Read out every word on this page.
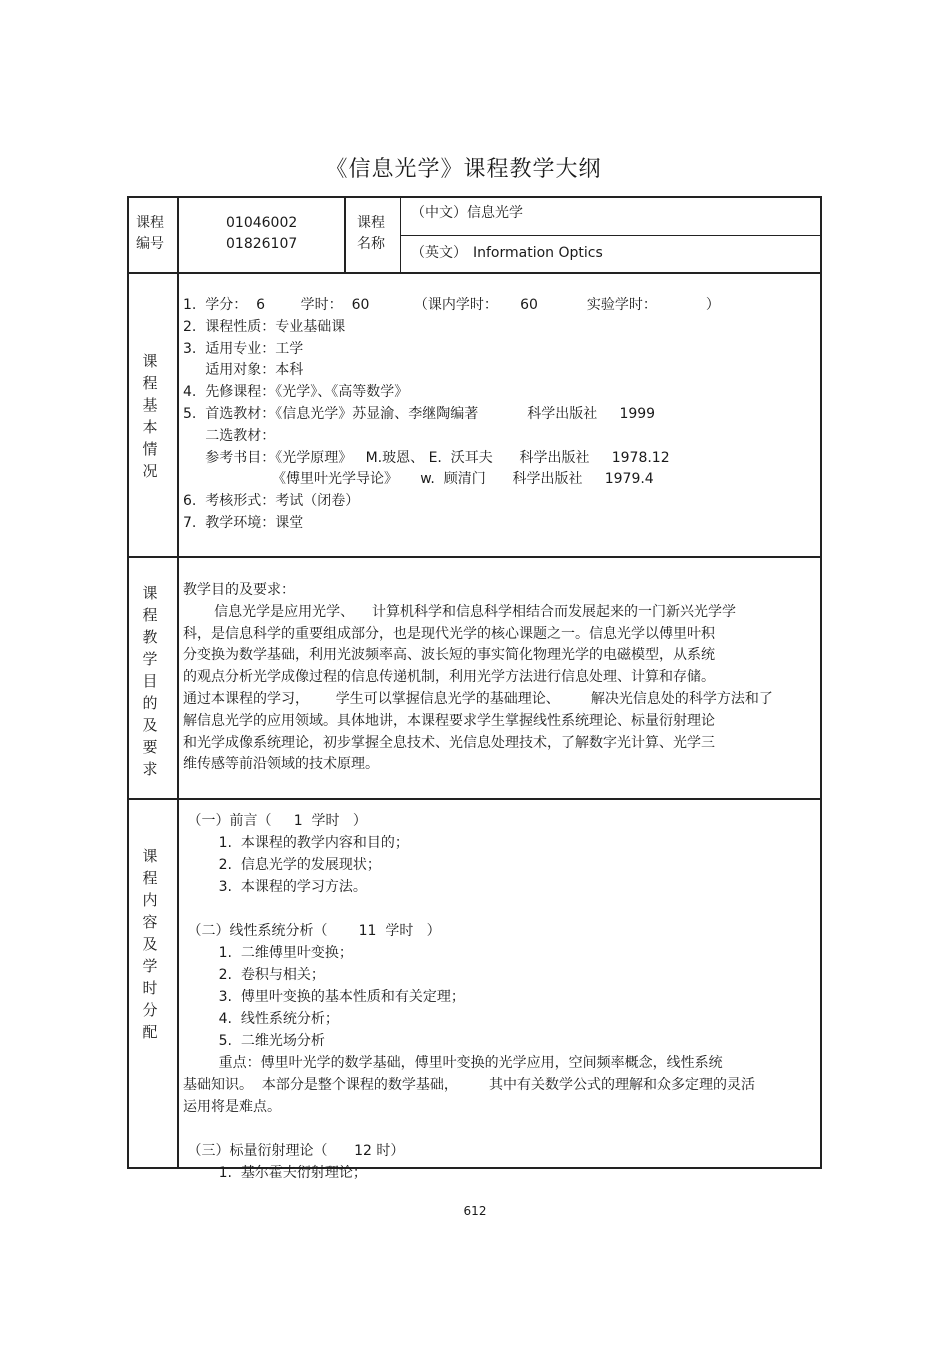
《信息光学》课程教学大纲
课程
编号
01046002
01826107
课程
名称
（中文）信息光学
（英文） Information Optics
课程基本情况
1.  学分：  6        学时：  60          （课内学时：     60           实验学时：           ）
2.  课程性质：专业基础课
3.  适用专业：工学
适用对象：本科
4.  先修课程：《光学》、《高等数学》
5.  首选教材：《信息光学》苏显渝、李继陶编著           科学出版社     1999
二选教材：
参考书目：《光学原理》   M.玻恩、 E.  沃耳夫      科学出版社     1978.12
《傅里叶光学导论》     w.  顾清门      科学出版社     1979.4
6.  考核形式：考试（闭卷）
7.  教学环境：课堂
课程教学目的及要求
教学目的及要求：
信息光学是应用光学、    计算机科学和信息科学相结合而发展起来的一门新兴光学学
科，是信息科学的重要组成部分，也是现代光学的核心课题之一。信息光学以傅里叶积
分变换为数学基础，利用光波频率高、波长短的事实简化物理光学的电磁模型，从系统
的观点分析光学成像过程的信息传递机制，利用光学方法进行信息处理、计算和存储。
通过本课程的学习，      学生可以掌握信息光学的基础理论、       解决光信息处的科学方法和了
解信息光学的应用领域。具体地讲，本课程要求学生掌握线性系统理论、标量衍射理论
和光学成像系统理论，初步掌握全息技术、光信息处理技术，了解数字光计算、光学三
维传感等前沿领域的技术原理。
课程内容及学时分配
（一）前言（     1  学时   ）
1.  本课程的教学内容和目的；
2.  信息光学的发展现状；
3.  本课程的学习方法。
（二）线性系统分析（       11  学时   ）
1.  二维傅里叶变换；
2.  卷积与相关；
3.  傅里叶变换的基本性质和有关定理；
4.  线性系统分析；
5.  二维光场分析
重点：傅里叶光学的数学基础，傅里叶变换的光学应用，空间频率概念，线性系统
基础知识。  本部分是整个课程的数学基础，       其中有关数学公式的理解和众多定理的灵活
运用将是难点。
（三）标量衍射理论（      12 时）
1.  基尔霍夫衍射理论；
612
